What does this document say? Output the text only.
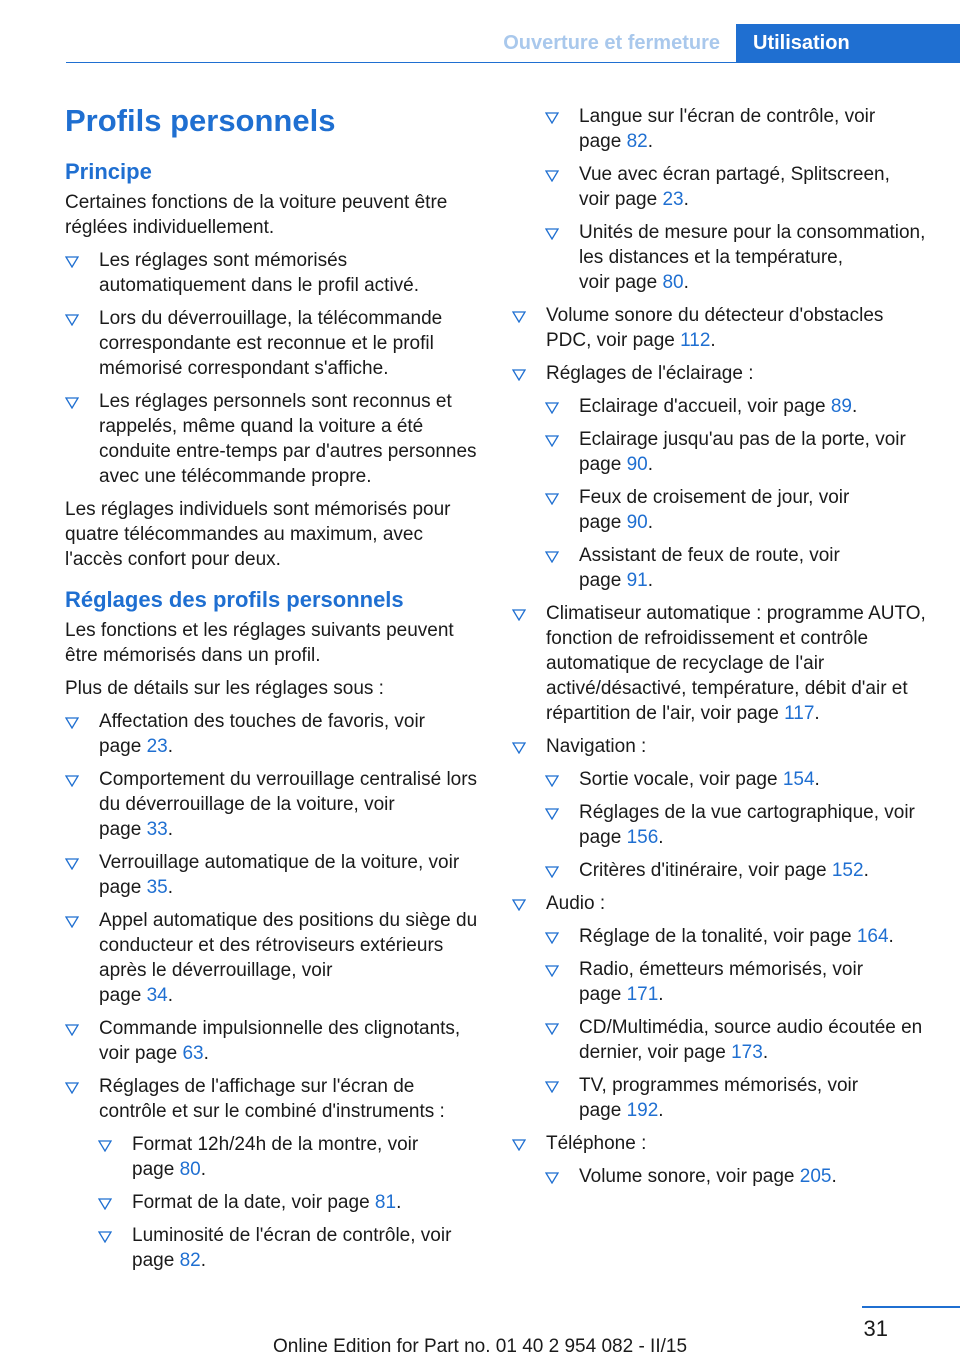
Ouverture et fermeture	Utilisation
Profils personnels
Principe
Certaines fonctions de la voiture peuvent être réglées individuellement.
Les réglages sont mémorisés automatiquement dans le profil activé.
Lors du déverrouillage, la télécommande correspondante est reconnue et le profil mémorisé correspondant s'affiche.
Les réglages personnels sont reconnus et rappelés, même quand la voiture a été conduite entre-temps par d'autres personnes avec une télécommande propre.
Les réglages individuels sont mémorisés pour quatre télécommandes au maximum, avec l'accès confort pour deux.
Réglages des profils personnels
Les fonctions et les réglages suivants peuvent être mémorisés dans un profil.
Plus de détails sur les réglages sous :
Affectation des touches de favoris, voir
page 23.
Comportement du verrouillage centralisé lors du déverrouillage de la voiture, voir
page 33.
Verrouillage automatique de la voiture, voir
page 35.
Appel automatique des positions du siège du conducteur et des rétroviseurs extérieurs après le déverrouillage, voir
page 34.
Commande impulsionnelle des clignotants,
voir page 63.
Réglages de l'affichage sur l'écran de contrôle et sur le combiné d'instruments :
Format 12h/24h de la montre, voir
page 80.
Format de la date, voir page 81.
Luminosité de l'écran de contrôle, voir
page 82.
Langue sur l'écran de contrôle, voir
page 82.
Vue avec écran partagé, Splitscreen,
voir page 23.
Unités de mesure pour la consommation, les distances et la température,
voir page 80.
Volume sonore du détecteur d'obstacles
PDC, voir page 112.
Réglages de l'éclairage :
Eclairage d'accueil, voir page 89.
Eclairage jusqu'au pas de la porte, voir
page 90.
Feux de croisement de jour, voir
page 90.
Assistant de feux de route, voir
page 91.
Climatiseur automatique : programme AUTO, fonction de refroidissement et contrôle automatique de recyclage de l'air activé/désactivé, température, débit d'air et répartition de l'air, voir page 117.
Navigation :
Sortie vocale, voir page 154.
Réglages de la vue cartographique, voir
page 156.
Critères d'itinéraire, voir page 152.
Audio :
Réglage de la tonalité, voir page 164.
Radio, émetteurs mémorisés, voir
page 171.
CD/Multimédia, source audio écoutée en dernier, voir page 173.
TV, programmes mémorisés, voir
page 192.
Téléphone :
Volume sonore, voir page 205.
31
Online Edition for Part no. 01 40 2 954 082 - II/15
